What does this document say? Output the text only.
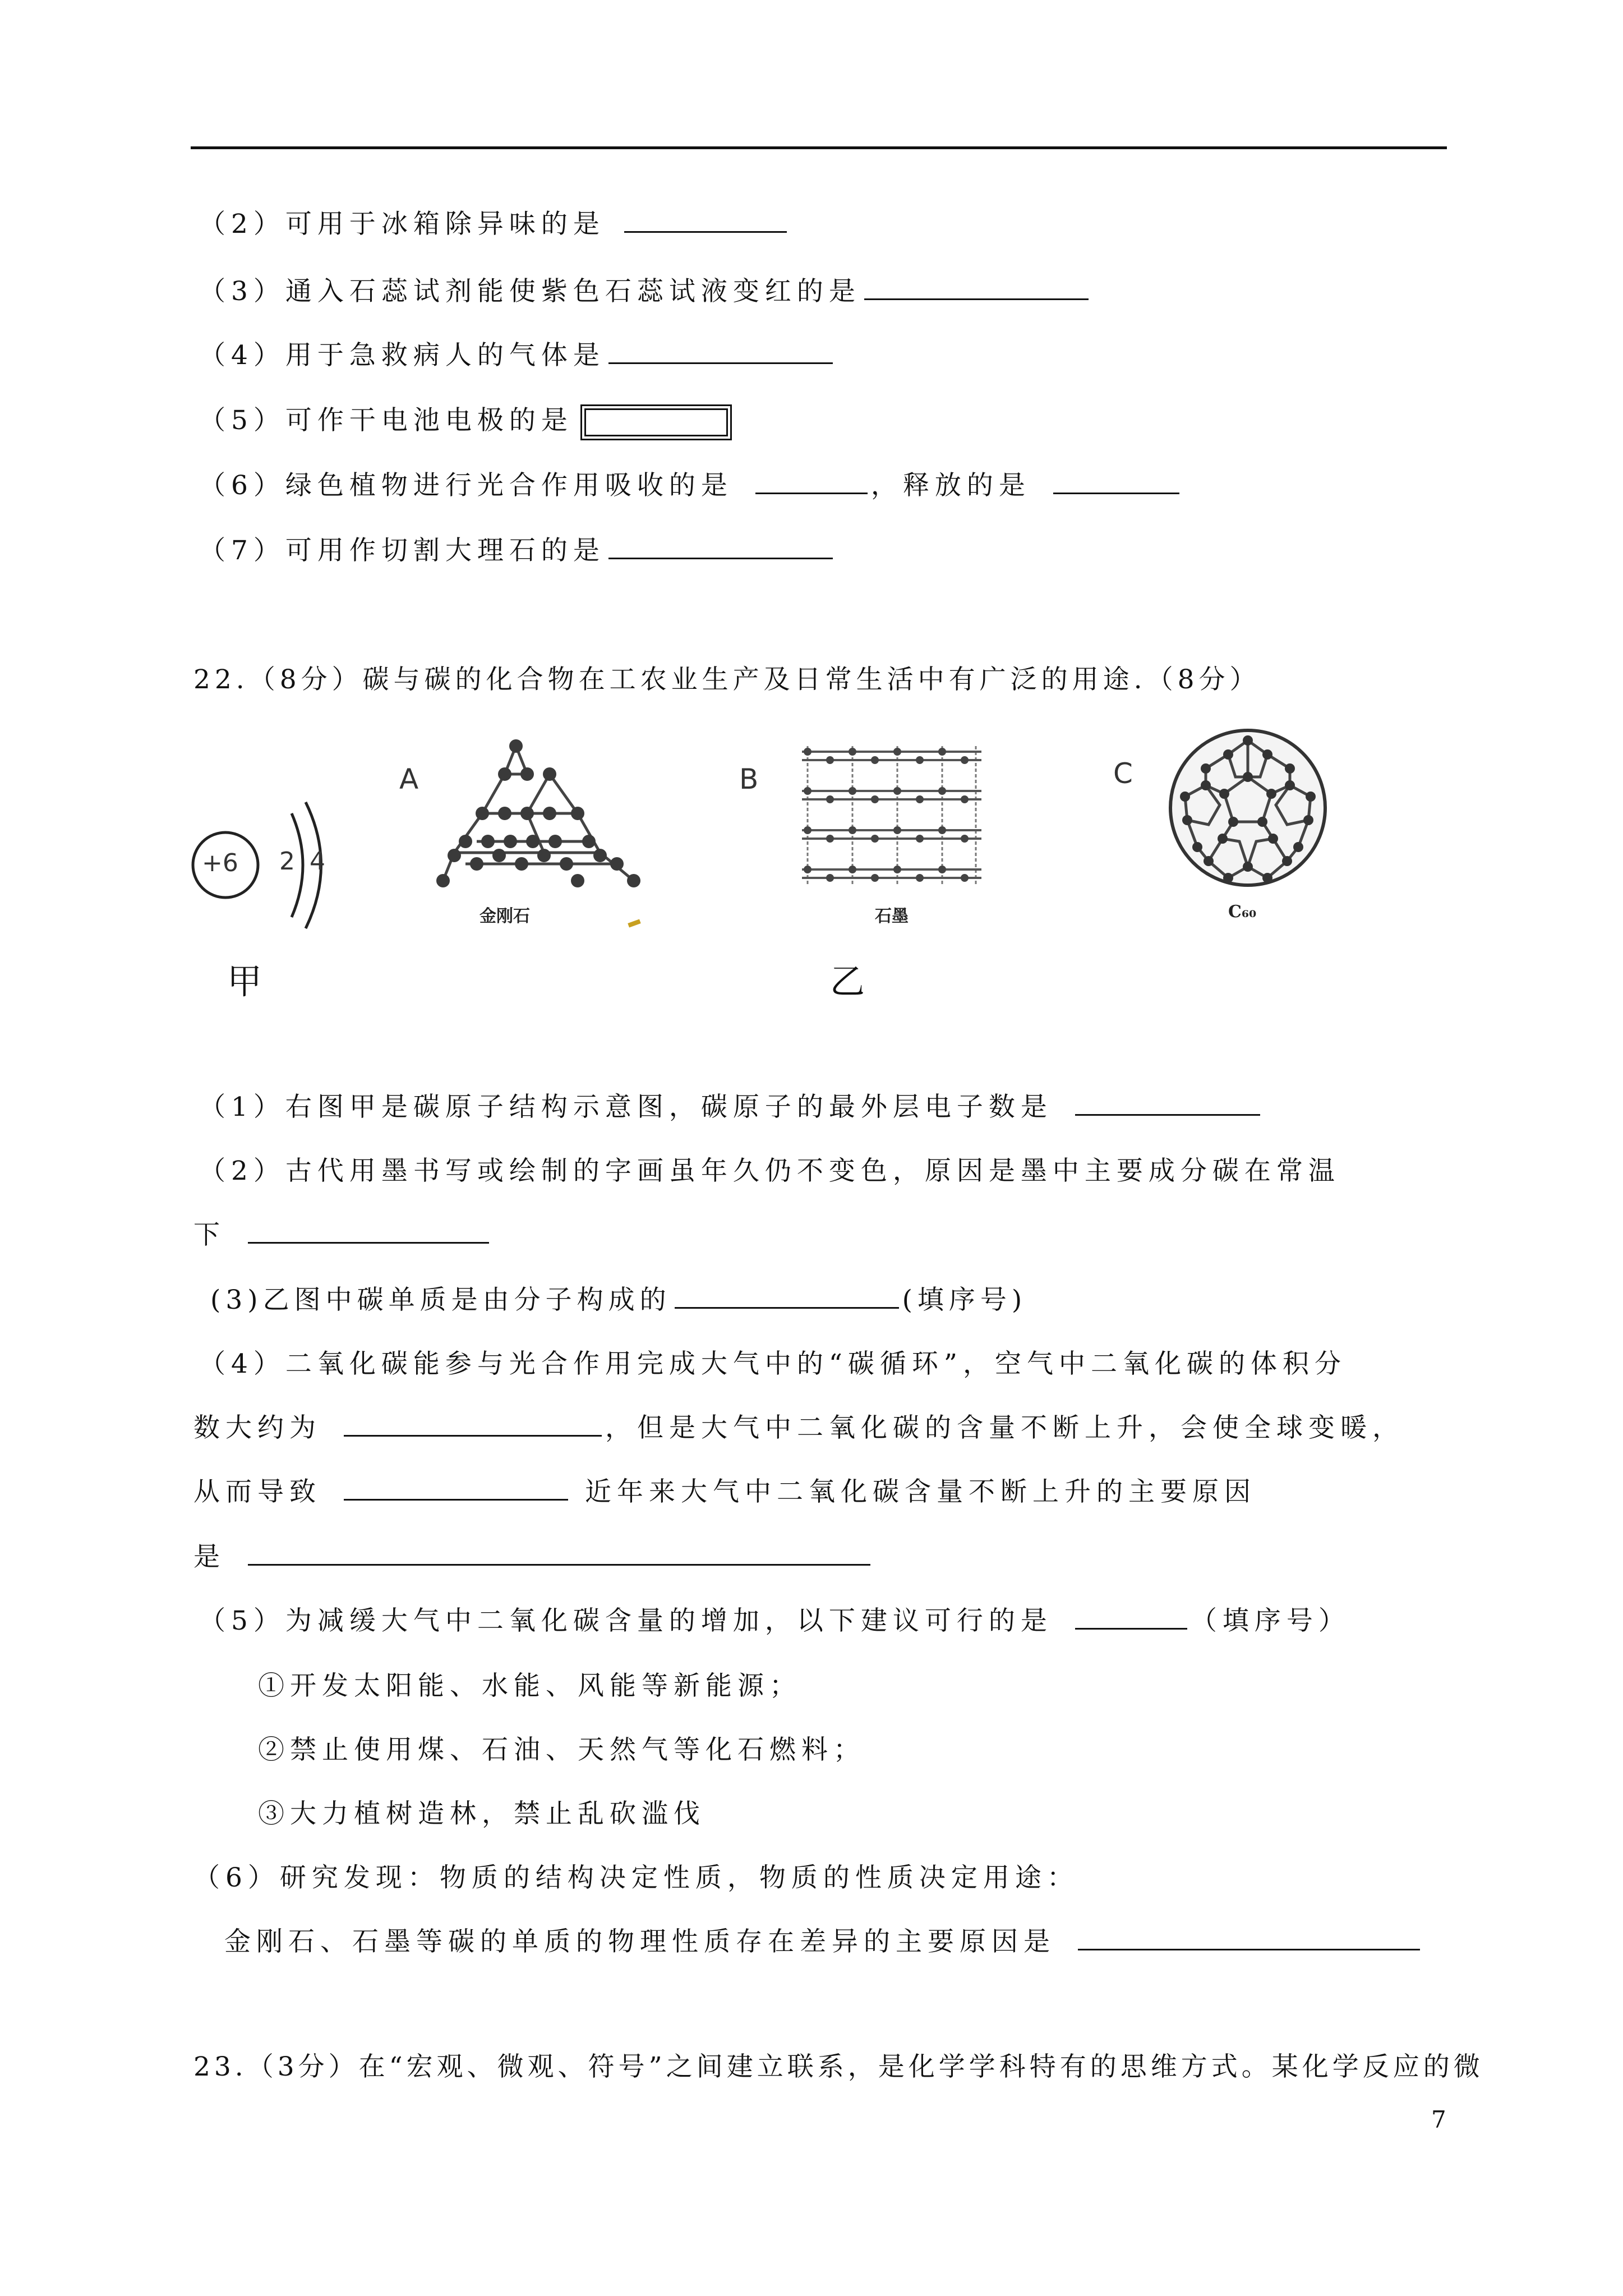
（2）可用于冰箱除异味的是
（3）通入石蕊试剂能使紫色石蕊试液变红的是
（4）用于急救病人的气体是
（5）可作干电池电极的是
（6）绿色植物进行光合作用吸收的是	，释放的是
（7）可用作切割大理石的是
22.（8分）碳与碳的化合物在工农业生产及日常生活中有广泛的用途.（8分）
+6 2 4
甲
A
金刚石
B
石墨
乙
C
C₆₀
（1）右图甲是碳原子结构示意图，碳原子的最外层电子数是
（2）古代用墨书写或绘制的字画虽年久仍不变色，原因是墨中主要成分碳在常温
下
(3)乙图中碳单质是由分子构成的	(填序号)
（4）二氧化碳能参与光合作用完成大气中的“碳循环”，空气中二氧化碳的体积分
数大约为	，但是大气中二氧化碳的含量不断上升，会使全球变暖，
从而导致	近年来大气中二氧化碳含量不断上升的主要原因
是
（5）为减缓大气中二氧化碳含量的增加，以下建议可行的是	（填序号）
①开发太阳能、水能、风能等新能源；
②禁止使用煤、石油、天然气等化石燃料；
③大力植树造林，禁止乱砍滥伐
（6）研究发现：物质的结构决定性质，物质的性质决定用途：
金刚石、石墨等碳的单质的物理性质存在差异的主要原因是
23.（3分）在“宏观、微观、符号”之间建立联系，是化学学科特有的思维方式。某化学反应的微
7
